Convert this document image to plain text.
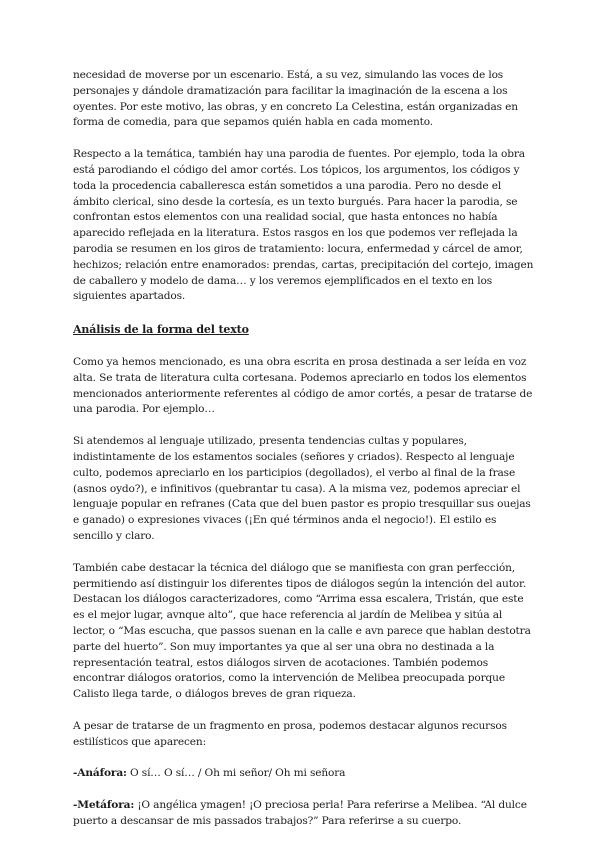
necesidad de moverse por un escenario. Está, a su vez, simulando las voces de los personajes y dándole dramatización para facilitar la imaginación de la escena a los oyentes. Por este motivo, las obras, y en concreto La Celestina, están organizadas en forma de comedia, para que sepamos quién habla en cada momento.

Respecto a la temática, también hay una parodia de fuentes. Por ejemplo, toda la obra está parodiando el código del amor cortés. Los tópicos, los argumentos, los códigos y toda la procedencia caballeresca están sometidos a una parodia. Pero no desde el ámbito clerical, sino desde la cortesía, es un texto burgués. Para hacer la parodia, se confrontan estos elementos con una realidad social, que hasta entonces no había aparecido reflejada en la literatura. Estos rasgos en los que podemos ver reflejada la parodia se resumen en los giros de tratamiento: locura, enfermedad y cárcel de amor, hechizos; relación entre enamorados: prendas, cartas, precipitación del cortejo, imagen de caballero y modelo de dama… y los veremos ejemplificados en el texto en los siguientes apartados.

Análisis de la forma del texto

Como ya hemos mencionado, es una obra escrita en prosa destinada a ser leída en voz alta. Se trata de literatura culta cortesana. Podemos apreciarlo en todos los elementos mencionados anteriormente referentes al código de amor cortés, a pesar de tratarse de una parodia. Por ejemplo…

Si atendemos al lenguaje utilizado, presenta tendencias cultas y populares, indistintamente de los estamentos sociales (señores y criados). Respecto al lenguaje culto, podemos apreciarlo en los participios (degollados), el verbo al final de la frase (asnos oydo?), e infinitivos (quebrantar tu casa). A la misma vez, podemos apreciar el lenguaje popular en refranes (Cata que del buen pastor es propio tresquillar sus ouejas e ganado) o expresiones vivaces (¡En qué términos anda el negocio!). El estilo es sencillo y claro.

También cabe destacar la técnica del diálogo que se manifiesta con gran perfección, permitiendo así distinguir los diferentes tipos de diálogos según la intención del autor. Destacan los diálogos caracterizadores, como “Arrima essa escalera, Tristán, que este es el mejor lugar, avnque alto”, que hace referencia al jardín de Melibea y sitúa al lector, o “Mas escucha, que passos suenan en la calle e avn parece que hablan destotra parte del huerto”. Son muy importantes ya que al ser una obra no destinada a la representación teatral, estos diálogos sirven de acotaciones. También podemos encontrar diálogos oratorios, como la intervención de Melibea preocupada porque Calisto llega tarde, o diálogos breves de gran riqueza.

A pesar de tratarse de un fragmento en prosa, podemos destacar algunos recursos estilísticos que aparecen:

-Anáfora: O sí… O sí… / Oh mi señor/ Oh mi señora

-Metáfora: ¡O angélica ymagen! ¡O preciosa perla! Para referirse a Melibea. “Al dulce puerto a descansar de mis passados trabajos?” Para referirse a su cuerpo.
